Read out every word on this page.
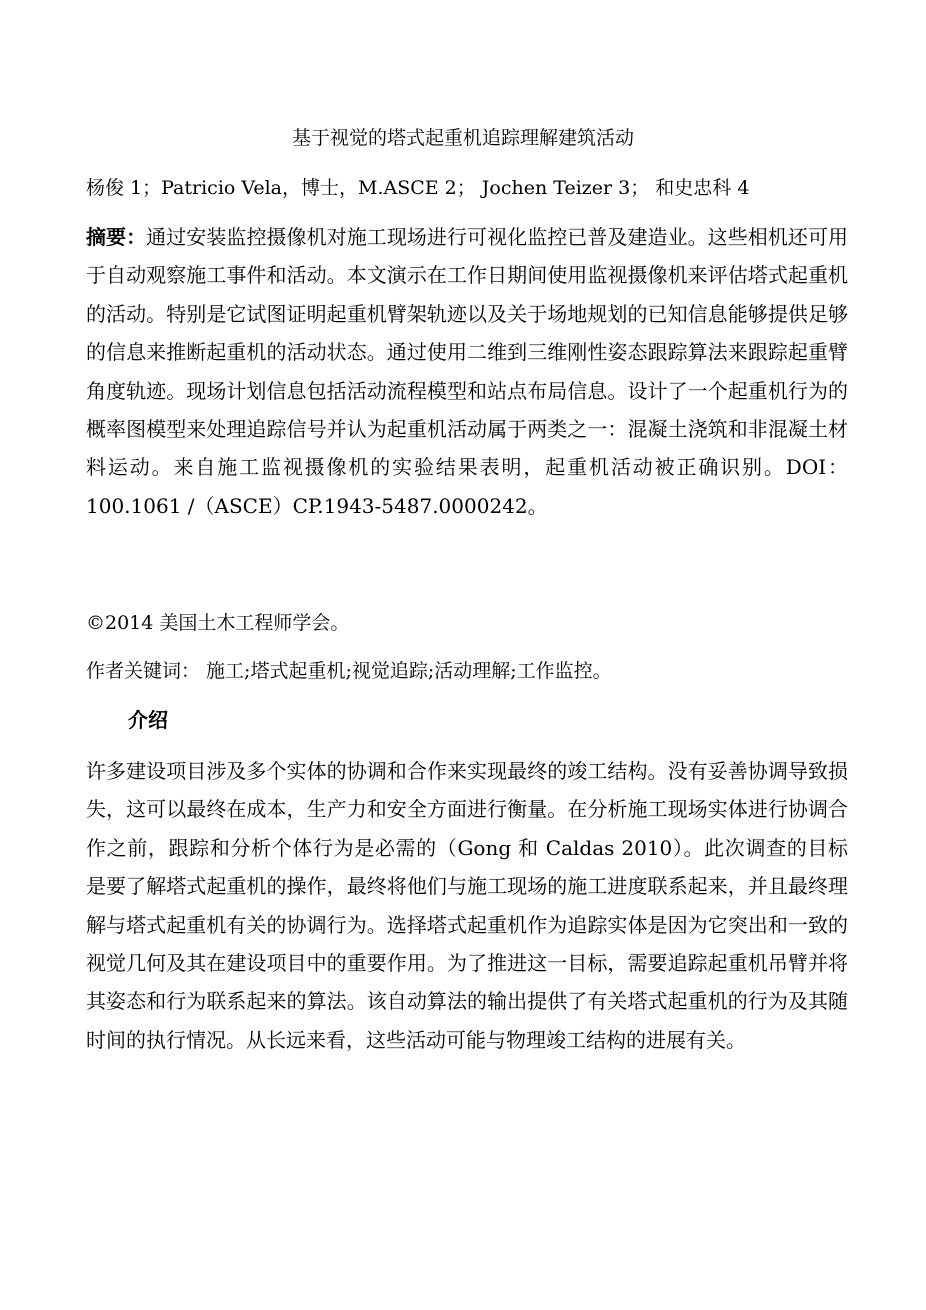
基于视觉的塔式起重机追踪理解建筑活动
杨俊 1；Patricio Vela，博士，M.ASCE 2； Jochen Teizer 3； 和史忠科 4
摘要：通过安装监控摄像机对施工现场进行可视化监控已普及建造业。这些相机还可用于自动观察施工事件和活动。本文演示在工作日期间使用监视摄像机来评估塔式起重机的活动。特别是它试图证明起重机臂架轨迹以及关于场地规划的已知信息能够提供足够的信息来推断起重机的活动状态。通过使用二维到三维刚性姿态跟踪算法来跟踪起重臂角度轨迹。现场计划信息包括活动流程模型和站点布局信息。设计了一个起重机行为的概率图模型来处理追踪信号并认为起重机活动属于两类之一：混凝土浇筑和非混凝土材料运动。来自施工监视摄像机的实验结果表明，起重机活动被正确识别。DOI：100.1061 /（ASCE）CP.1943-5487.0000242。
©2014 美国土木工程师学会。
作者关键词： 施工;塔式起重机;视觉追踪;活动理解;工作监控。
介绍
许多建设项目涉及多个实体的协调和合作来实现最终的竣工结构。没有妥善协调导致损失，这可以最终在成本，生产力和安全方面进行衡量。在分析施工现场实体进行协调合作之前，跟踪和分析个体行为是必需的（Gong 和 Caldas 2010）。此次调查的目标是要了解塔式起重机的操作，最终将他们与施工现场的施工进度联系起来，并且最终理解与塔式起重机有关的协调行为。选择塔式起重机作为追踪实体是因为它突出和一致的视觉几何及其在建设项目中的重要作用。为了推进这一目标，需要追踪起重机吊臂并将其姿态和行为联系起来的算法。该自动算法的输出提供了有关塔式起重机的行为及其随时间的执行情况。从长远来看，这些活动可能与物理竣工结构的进展有关。
